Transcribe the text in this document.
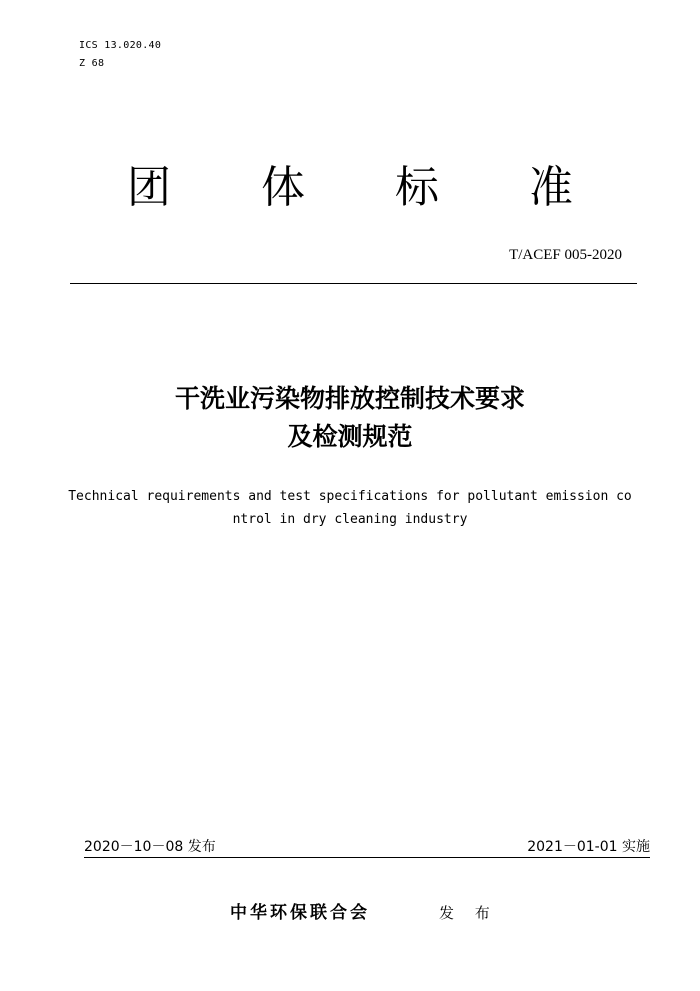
ICS 13.020.40
Z 68
团 体 标 准
T/ACEF 005-2020
干洗业污染物排放控制技术要求
及检测规范
Technical requirements and test specifications for pollutant emission control in dry cleaning industry
2020－10－08 发布	2021－01-01 实施
中华环保联合会	发 布
